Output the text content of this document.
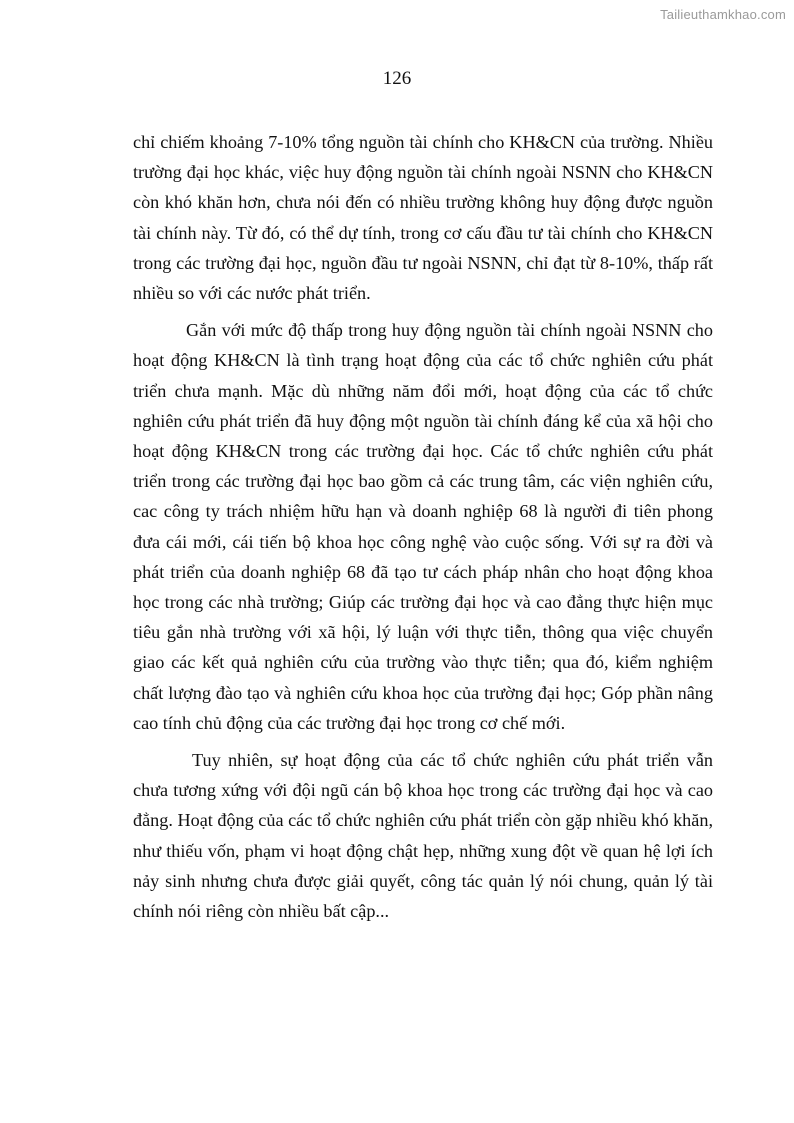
Tailieuthamkhao.com
126

chỉ chiếm khoảng 7-10% tổng nguồn tài chính cho KH&CN của trường. Nhiều trường đại học khác, việc huy động nguồn tài chính ngoài NSNN cho KH&CN còn khó khăn hơn, chưa nói đến có nhiều trường không huy động được nguồn tài chính này. Từ đó, có thể dự tính, trong cơ cấu đầu tư tài chính cho KH&CN trong các trường đại học, nguồn đầu tư ngoài NSNN, chỉ đạt từ 8-10%, thấp rất nhiều so với các nước phát triển.

Gắn với mức độ thấp trong huy động nguồn tài chính ngoài NSNN cho hoạt động KH&CN là tình trạng hoạt động của các tổ chức nghiên cứu phát triển chưa mạnh. Mặc dù những năm đổi mới, hoạt động của các tổ chức nghiên cứu phát triển đã huy động một nguồn tài chính đáng kể của xã hội cho hoạt động KH&CN trong các trường đại học. Các tổ chức nghiên cứu phát triển trong các trường đại học bao gồm cả các trung tâm, các viện nghiên cứu, cac công ty trách nhiệm hữu hạn và doanh nghiệp 68 là người đi tiên phong đưa cái mới, cái tiến bộ khoa học công nghệ vào cuộc sống. Với sự ra đời và phát triển của doanh nghiệp 68 đã tạo tư cách pháp nhân cho hoạt động khoa học trong các nhà trường; Giúp các trường đại học và cao đẳng thực hiện mục tiêu gắn nhà trường với xã hội, lý luận với thực tiễn, thông qua việc chuyển giao các kết quả nghiên cứu của trường vào thực tiễn; qua đó, kiểm nghiệm chất lượng đào tạo và nghiên cứu khoa học của trường đại học; Góp phần nâng cao tính chủ động của các trường đại học trong cơ chế mới.

Tuy nhiên, sự hoạt động của các tổ chức nghiên cứu phát triển vẫn chưa tương xứng với đội ngũ cán bộ khoa học trong các trường đại học và cao đẳng. Hoạt động của các tổ chức nghiên cứu phát triển còn gặp nhiều khó khăn, như thiếu vốn, phạm vi hoạt động chật hẹp, những xung đột về quan hệ lợi ích nảy sinh nhưng chưa được giải quyết, công tác quản lý nói chung, quản lý tài chính nói riêng còn nhiều bất cập...
